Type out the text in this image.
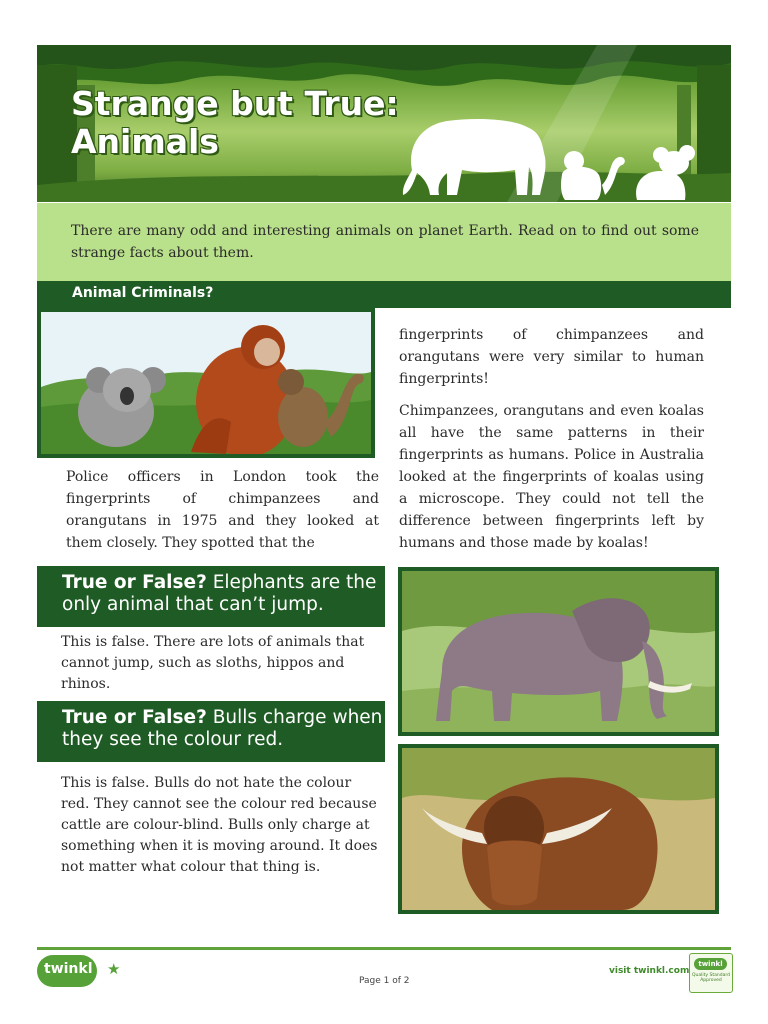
Strange but True:
Animals

There are many odd and interesting animals on planet Earth. Read on to find out some strange facts about them.

Animal Criminals?

Police officers in London took the fingerprints of chimpanzees and orangutans in 1975 and they looked at them closely. They spotted that the

fingerprints of chimpanzees and orangutans were very similar to human fingerprints!

Chimpanzees, orangutans and even koalas all have the same patterns in their fingerprints as humans. Police in Australia looked at the fingerprints of koalas using a microscope. They could not tell the difference between fingerprints left by humans and those made by koalas!

True or False? Elephants are the only animal that can’t jump.

This is false. There are lots of animals that cannot jump, such as sloths, hippos and rhinos.

True or False? Bulls charge when they see the colour red.

This is false. Bulls do not hate the colour red. They cannot see the colour red because cattle are colour-blind. Bulls only charge at something when it is moving around. It does not matter what colour that thing is.

twinkl ★
Page 1 of 2
visit twinkl.com
twinkl
Quality Standard Approved
